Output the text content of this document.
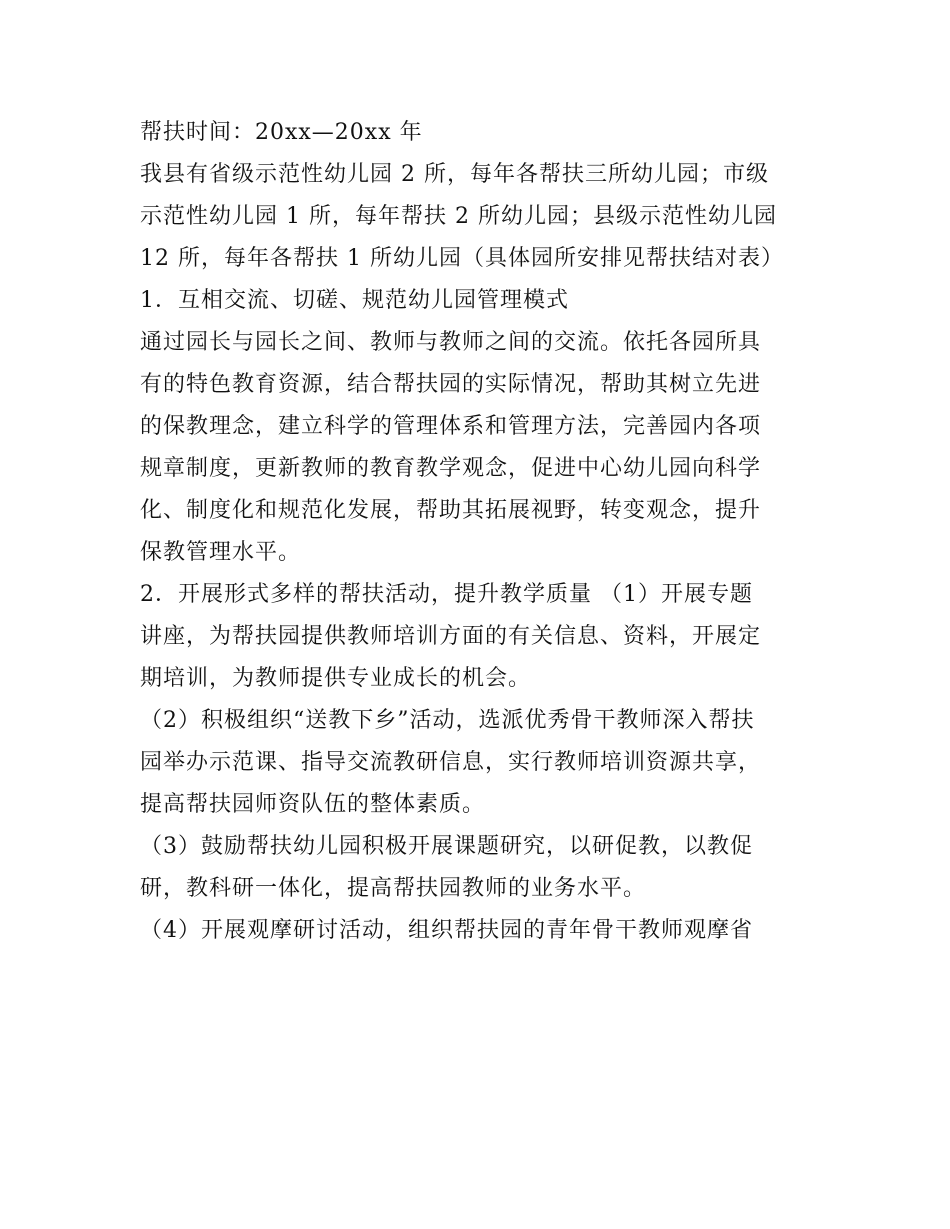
帮扶时间：20xx—20xx 年
我县有省级示范性幼儿园 2 所，每年各帮扶三所幼儿园；市级
示范性幼儿园 1 所，每年帮扶 2 所幼儿园；县级示范性幼儿园
12 所，每年各帮扶 1 所幼儿园（具体园所安排见帮扶结对表）
1．互相交流、切磋、规范幼儿园管理模式
通过园长与园长之间、教师与教师之间的交流。依托各园所具
有的特色教育资源，结合帮扶园的实际情况，帮助其树立先进
的保教理念，建立科学的管理体系和管理方法，完善园内各项
规章制度，更新教师的教育教学观念，促进中心幼儿园向科学
化、制度化和规范化发展，帮助其拓展视野，转变观念，提升
保教管理水平。
2．开展形式多样的帮扶活动，提升教学质量 （1）开展专题
讲座，为帮扶园提供教师培训方面的有关信息、资料，开展定
期培训，为教师提供专业成长的机会。
（2）积极组织“送教下乡”活动，选派优秀骨干教师深入帮扶
园举办示范课、指导交流教研信息，实行教师培训资源共享，
提高帮扶园师资队伍的整体素质。
（3）鼓励帮扶幼儿园积极开展课题研究，以研促教，以教促
研，教科研一体化，提高帮扶园教师的业务水平。
（4）开展观摩研讨活动，组织帮扶园的青年骨干教师观摩省
